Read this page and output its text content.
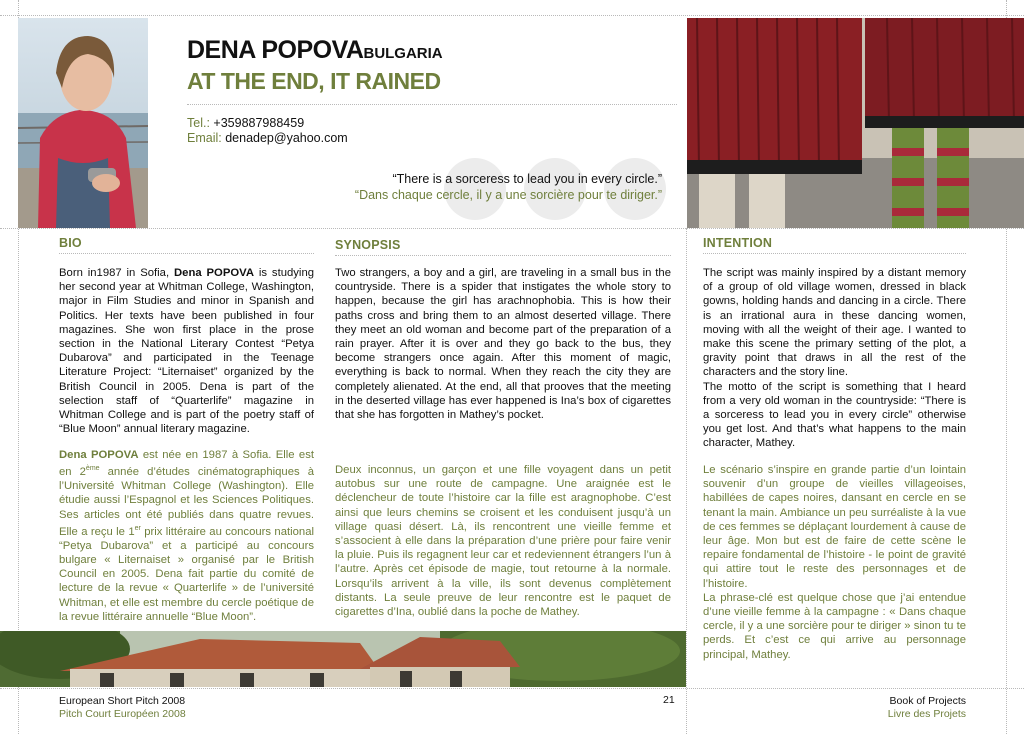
DENA POPOVABULGARIA
AT THE END, IT RAINED
Tel.: +359887988459
Email: denadep@yahoo.com
“There is a sorceress to lead you in every circle.”
“Dans chaque cercle, il y a une sorcière pour te diriger.”
BIO
Born in1987 in Sofia, Dena POPOVA is studying her second year at Whitman College, Washington, major in Film Studies and minor in Spanish and Politics. Her texts have been published in four magazines. She won first place in the prose section in the National Literary Contest “Petya Dubarova” and participated in the Teenage Literature Project: “Liternaiset” organized by the British Council in 2005. Dena is part of the selection staff of “Quarterlife” magazine in Whitman College and is part of the poetry staff of “Blue Moon” annual literary magazine.
Dena POPOVA est née en 1987 à Sofia. Elle est en 2ème année d’études cinématographiques à l’Université Whitman College (Washington). Elle étudie aussi l’Espagnol et les Sciences Politiques. Ses articles ont été publiés dans quatre revues. Elle a reçu le 1er prix littéraire au concours national “Petya Dubarova” et a participé au concours bulgare « Liternaiset » organisé par le British Council en 2005. Dena fait partie du comité de lecture de la revue « Quarterlife » de l’université Whitman, et elle est membre du cercle poétique de la revue littéraire annuelle “Blue Moon”.
SYNOPSIS
Two strangers, a boy and a girl, are traveling in a small bus in the countryside. There is a spider that instigates the whole story to happen, because the girl has arachnophobia. This is how their paths cross and bring them to an almost deserted village. There they meet an old woman and become part of the preparation of a rain prayer. After it is over and they go back to the bus, they become strangers once again. After this moment of magic, everything is back to normal. When they reach the city they are completely alienated. At the end, all that prooves that the meeting in the deserted village has ever happened is Ina’s box of cigarettes that she has forgotten in Mathey’s pocket.
Deux inconnus, un garçon et une fille voyagent dans un petit autobus sur une route de campagne. Une araignée est le déclencheur de toute l’histoire car la fille est aragnophobe. C’est ainsi que leurs chemins se croisent et les conduisent jusqu’à un village quasi désert. Là, ils rencontrent une vieille femme et s’associent à elle dans la préparation d’une prière pour faire venir la pluie. Puis ils regagnent leur car et redeviennent étrangers l’un à l’autre. Après cet épisode de magie, tout retourne à la normale. Lorsqu’ils arrivent à la ville, ils sont devenus complètement distants. La seule preuve de leur rencontre est le paquet de cigarettes d’Ina, oublié dans la poche de Mathey.
INTENTION
The script was mainly inspired by a distant memory of a group of old village women, dressed in black gowns, holding hands and dancing in a circle. There is an irrational aura in these dancing women, moving with all the weight of their age. I wanted to make this scene the primary setting of the plot, a gravity point that draws in all the rest of the characters and the story line.
The motto of the script is something that I heard from a very old woman in the countryside: “There is a sorceress to lead you in every circle” otherwise you get lost. And that’s what happens to the main character, Mathey.
Le scénario s’inspire en grande partie d’un lointain souvenir d’un groupe de vieilles villageoises, habillées de capes noires, dansant en cercle en se tenant la main. Ambiance un peu surréaliste à la vue de ces femmes se déplaçant lourdement à cause de leur âge. Mon but est de faire de cette scène le repaire fondamental de l’histoire - le point de gravité qui attire tout le reste des personnages et de l’histoire.
La phrase-clé est quelque chose que j’ai entendue d’une vieille femme à la campagne : « Dans chaque cercle, il y a une sorcière pour te diriger » sinon tu te perds. Et c’est ce qui arrive au personnage principal, Mathey.
European Short Pitch 2008
Pitch Court Européen 2008
21	Book of Projects
Livre des Projets
